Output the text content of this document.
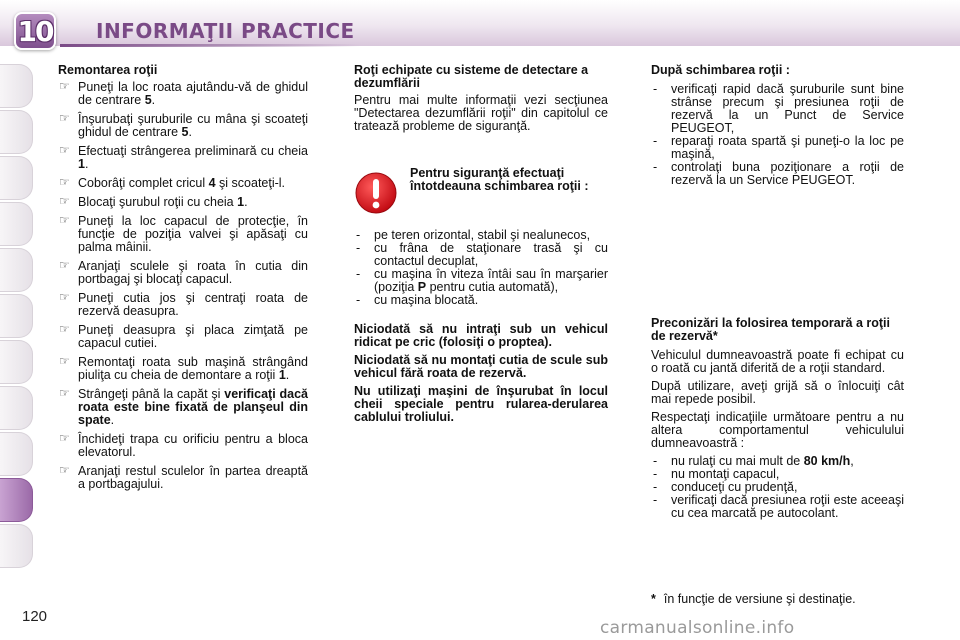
10 INFORMAŢII PRACTICE
Remontarea roţii
☞ Puneţi la loc roata ajutându-vă de ghidul de centrare 5.
☞ Înşurubaţi şuruburile cu mâna şi scoateţi ghidul de centrare 5.
☞ Efectuaţi strângerea preliminară cu cheia 1.
☞ Coborâţi complet cricul 4 şi scoateţi-l.
☞ Blocaţi şurubul roţii cu cheia 1.
☞ Puneţi la loc capacul de protecţie, în funcţie de poziţia valvei şi apăsaţi cu palma mâinii.
☞ Aranjaţi sculele şi roata în cutia din portbagaj şi blocaţi capacul.
☞ Puneţi cutia jos şi centraţi roata de rezervă deasupra.
☞ Puneţi deasupra şi placa zimţată pe capacul cutiei.
☞ Remontaţi roata sub maşină strângând piuliţa cu cheia de demontare a roţii 1.
☞ Strângeţi până la capăt şi verificaţi dacă roata este bine fixată de planşeul din spate.
☞ Închideţi trapa cu orificiu pentru a bloca elevatorul.
☞ Aranjaţi restul sculelor în partea dreaptă a portbagajului.
Roţi echipate cu sisteme de detectare a dezumflării
Pentru mai multe informaţii vezi secţiunea "Detectarea dezumflării roţii" din capitolul ce tratează probleme de siguranţă.
Pentru siguranţă efectuaţi întotdeauna schimbarea roţii :
- pe teren orizontal, stabil şi nealunecos,
- cu frâna de staţionare trasă şi cu contactul decuplat,
- cu maşina în viteza întâi sau în marşarier (poziţia P pentru cutia automată),
- cu maşina blocată.
Niciodată să nu intraţi sub un vehicul ridicat pe cric (folosiţi o proptea).
Niciodată să nu montaţi cutia de scule sub vehicul fără roata de rezervă.
Nu utilizaţi maşini de înşurubat în locul cheii speciale pentru rularea-derularea cablului troliului.
După schimbarea roţii :
- verificaţi rapid dacă şuruburile sunt bine strânse precum şi presiunea roţii de rezervă la un Punct de Service PEUGEOT,
- reparaţi roata spartă şi puneţi-o la loc pe maşină,
- controlaţi buna poziţionare a roţii de rezervă la un Service PEUGEOT.
Preconizări la folosirea temporară a roţii de rezervă*
Vehiculul dumneavoastră poate fi echipat cu o roată cu jantă diferită de a roţii standard.
După utilizare, aveţi grijă să o înlocuiţi cât mai repede posibil.
Respectaţi indicaţiile următoare pentru a nu altera comportamentul vehiculului dumneavoastră :
- nu rulaţi cu mai mult de 80 km/h,
- nu montaţi capacul,
- conduceţi cu prudenţă,
- verificaţi dacă presiunea roţii este aceeaşi cu cea marcată pe autocolant.
* în funcţie de versiune şi destinaţie.
120
carmanualsonline.info
